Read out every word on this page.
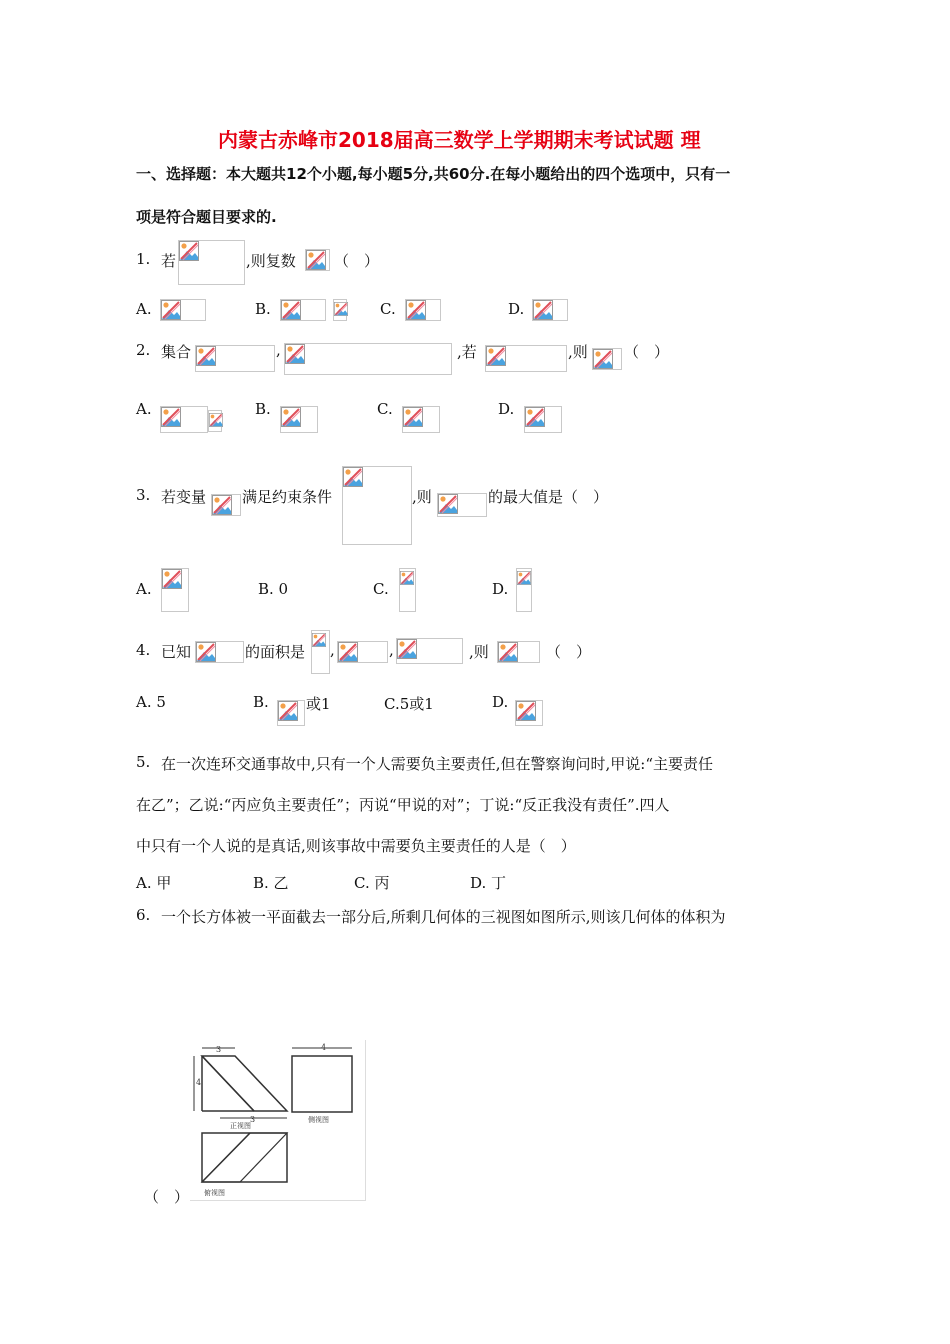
内蒙古赤峰市2018届高三数学上学期期末考试试题 理
一、选择题：本大题共12个小题,每小题5分,共60分.在每小题给出的四个选项中，只有一
项是符合题目要求的.
1. 若	,则复数	（　）
A.	B.	C.	D.
2. 集合	,	,若	,则 （　）
A.	B.	C.	D.
3. 若变量 满足约束条件	,则	的最大值是（　）
A.	B. 0	C.	D.
4. 已知	的面积是 ,	,	,则	（　）
A. 5	B. 或1	C.5或1	D.
5. 在一次连环交通事故中,只有一个人需要负主要责任,但在警察询问时,甲说:“主要责任
在乙”；乙说:“丙应负主要责任”；丙说“甲说的对”；丁说:“反正我没有责任”.四人
中只有一个人说的是真话,则该事故中需要负主要责任的人是（　）
A. 甲	B. 乙	C. 丙	D. 丁
6. 一个长方体被一平面截去一部分后,所剩几何体的三视图如图所示,则该几何体的体积为
（　）
3
4
3
正视图
4
侧视图
俯视图
